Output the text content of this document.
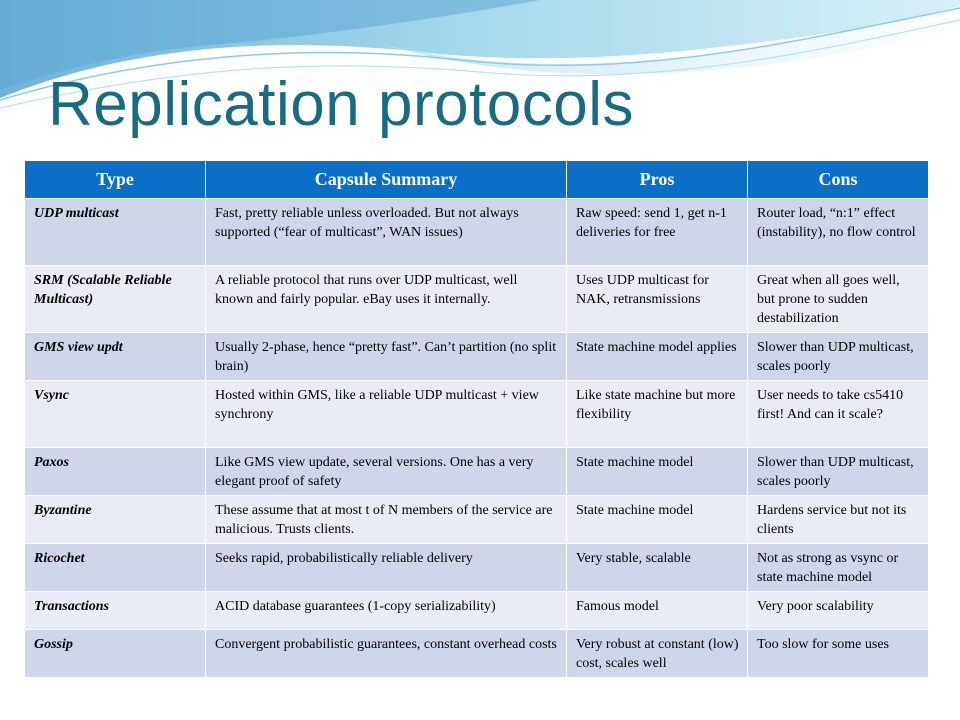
Replication protocols
Type	Capsule Summary	Pros	Cons
UDP multicast	Fast, pretty reliable unless overloaded. But not always supported (“fear of multicast”, WAN issues)	Raw speed: send 1, get n-1 deliveries for free	Router load, “n:1” effect (instability), no flow control
SRM (Scalable Reliable Multicast)	A reliable protocol that runs over UDP multicast, well known and fairly popular. eBay uses it internally.	Uses UDP multicast for NAK, retransmissions	Great when all goes well, but prone to sudden destabilization
GMS view updt	Usually 2-phase, hence “pretty fast”. Can’t partition (no split brain)	State machine model applies	Slower than UDP multicast, scales poorly
Vsync	Hosted within GMS, like a reliable UDP multicast + view synchrony	Like state machine but more flexibility	User needs to take cs5410 first! And can it scale?
Paxos	Like GMS view update, several versions. One has a very elegant proof of safety	State machine model	Slower than UDP multicast, scales poorly
Byzantine	These assume that at most t of N members of the service are malicious. Trusts clients.	State machine model	Hardens service but not its clients
Ricochet	Seeks rapid, probabilistically reliable delivery	Very stable, scalable	Not as strong as vsync or state machine model
Transactions	ACID database guarantees (1-copy serializability)	Famous model	Very poor scalability
Gossip	Convergent probabilistic guarantees, constant overhead costs	Very robust at constant (low) cost, scales well	Too slow for some uses
